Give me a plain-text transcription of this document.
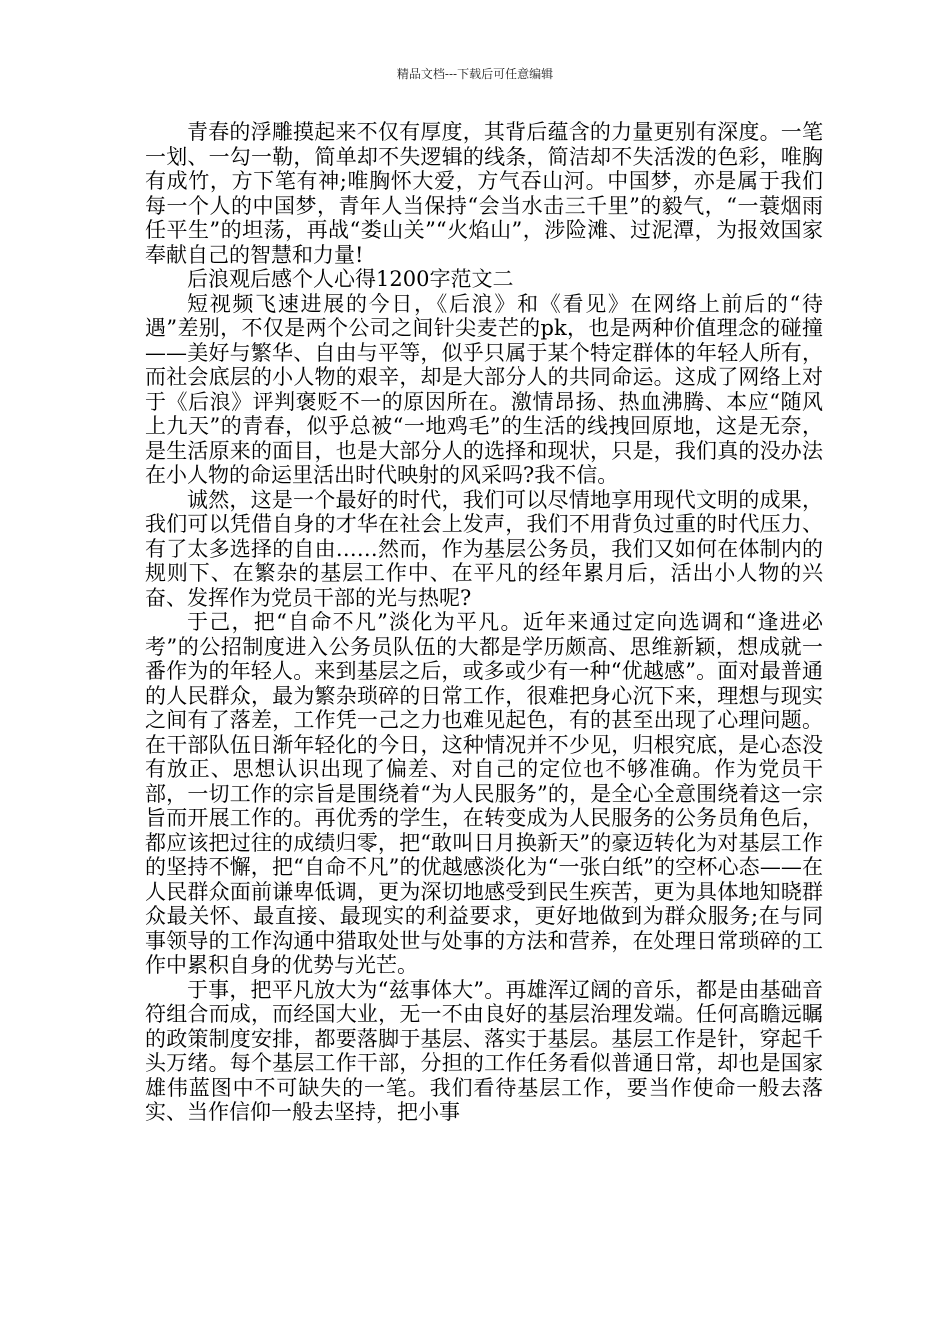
精品文档---下载后可任意编辑

青春的浮雕摸起来不仅有厚度，其背后蕴含的力量更别有深度。一笔一划、一勾一勒，简单却不失逻辑的线条，简洁却不失活泼的色彩，唯胸有成竹，方下笔有神;唯胸怀大爱，方气吞山河。中国梦，亦是属于我们每一个人的中国梦，青年人当保持“会当水击三千里”的毅气，“一蓑烟雨任平生”的坦荡，再战“娄山关”“火焰山”，涉险滩、过泥潭，为报效国家奉献自己的智慧和力量!

后浪观后感个人心得1200字范文二

短视频飞速进展的今日，《后浪》和《看见》在网络上前后的“待遇”差别，不仅是两个公司之间针尖麦芒的pk，也是两种价值理念的碰撞——美好与繁华、自由与平等，似乎只属于某个特定群体的年轻人所有，而社会底层的小人物的艰辛，却是大部分人的共同命运。这成了网络上对于《后浪》评判褒贬不一的原因所在。激情昂扬、热血沸腾、本应“随风上九天”的青春，似乎总被“一地鸡毛”的生活的线拽回原地，这是无奈，是生活原来的面目，也是大部分人的选择和现状，只是，我们真的没办法在小人物的命运里活出时代映射的风采吗?我不信。

诚然，这是一个最好的时代，我们可以尽情地享用现代文明的成果，我们可以凭借自身的才华在社会上发声，我们不用背负过重的时代压力、有了太多选择的自由……然而，作为基层公务员，我们又如何在体制内的规则下、在繁杂的基层工作中、在平凡的经年累月后，活出小人物的兴奋、发挥作为党员干部的光与热呢?

于己，把“自命不凡”淡化为平凡。近年来通过定向选调和“逢进必考”的公招制度进入公务员队伍的大都是学历颇高、思维新颖，想成就一番作为的年轻人。来到基层之后，或多或少有一种“优越感”。面对最普通的人民群众，最为繁杂琐碎的日常工作，很难把身心沉下来，理想与现实之间有了落差，工作凭一己之力也难见起色，有的甚至出现了心理问题。在干部队伍日渐年轻化的今日，这种情况并不少见，归根究底，是心态没有放正、思想认识出现了偏差、对自己的定位也不够准确。作为党员干部，一切工作的宗旨是围绕着“为人民服务”的，是全心全意围绕着这一宗旨而开展工作的。再优秀的学生，在转变成为人民服务的公务员角色后，都应该把过往的成绩归零，把“敢叫日月换新天”的豪迈转化为对基层工作的坚持不懈，把“自命不凡”的优越感淡化为“一张白纸”的空杯心态——在人民群众面前谦卑低调，更为深切地感受到民生疾苦，更为具体地知晓群众最关怀、最直接、最现实的利益要求，更好地做到为群众服务;在与同事领导的工作沟通中猎取处世与处事的方法和营养，在处理日常琐碎的工作中累积自身的优势与光芒。

于事，把平凡放大为“兹事体大”。再雄浑辽阔的音乐，都是由基础音符组合而成，而经国大业，无一不由良好的基层治理发端。任何高瞻远瞩的政策制度安排，都要落脚于基层、落实于基层。基层工作是针，穿起千头万绪。每个基层工作干部，分担的工作任务看似普通日常，却也是国家雄伟蓝图中不可缺失的一笔。我们看待基层工作，要当作使命一般去落实、当作信仰一般去坚持，把小事
